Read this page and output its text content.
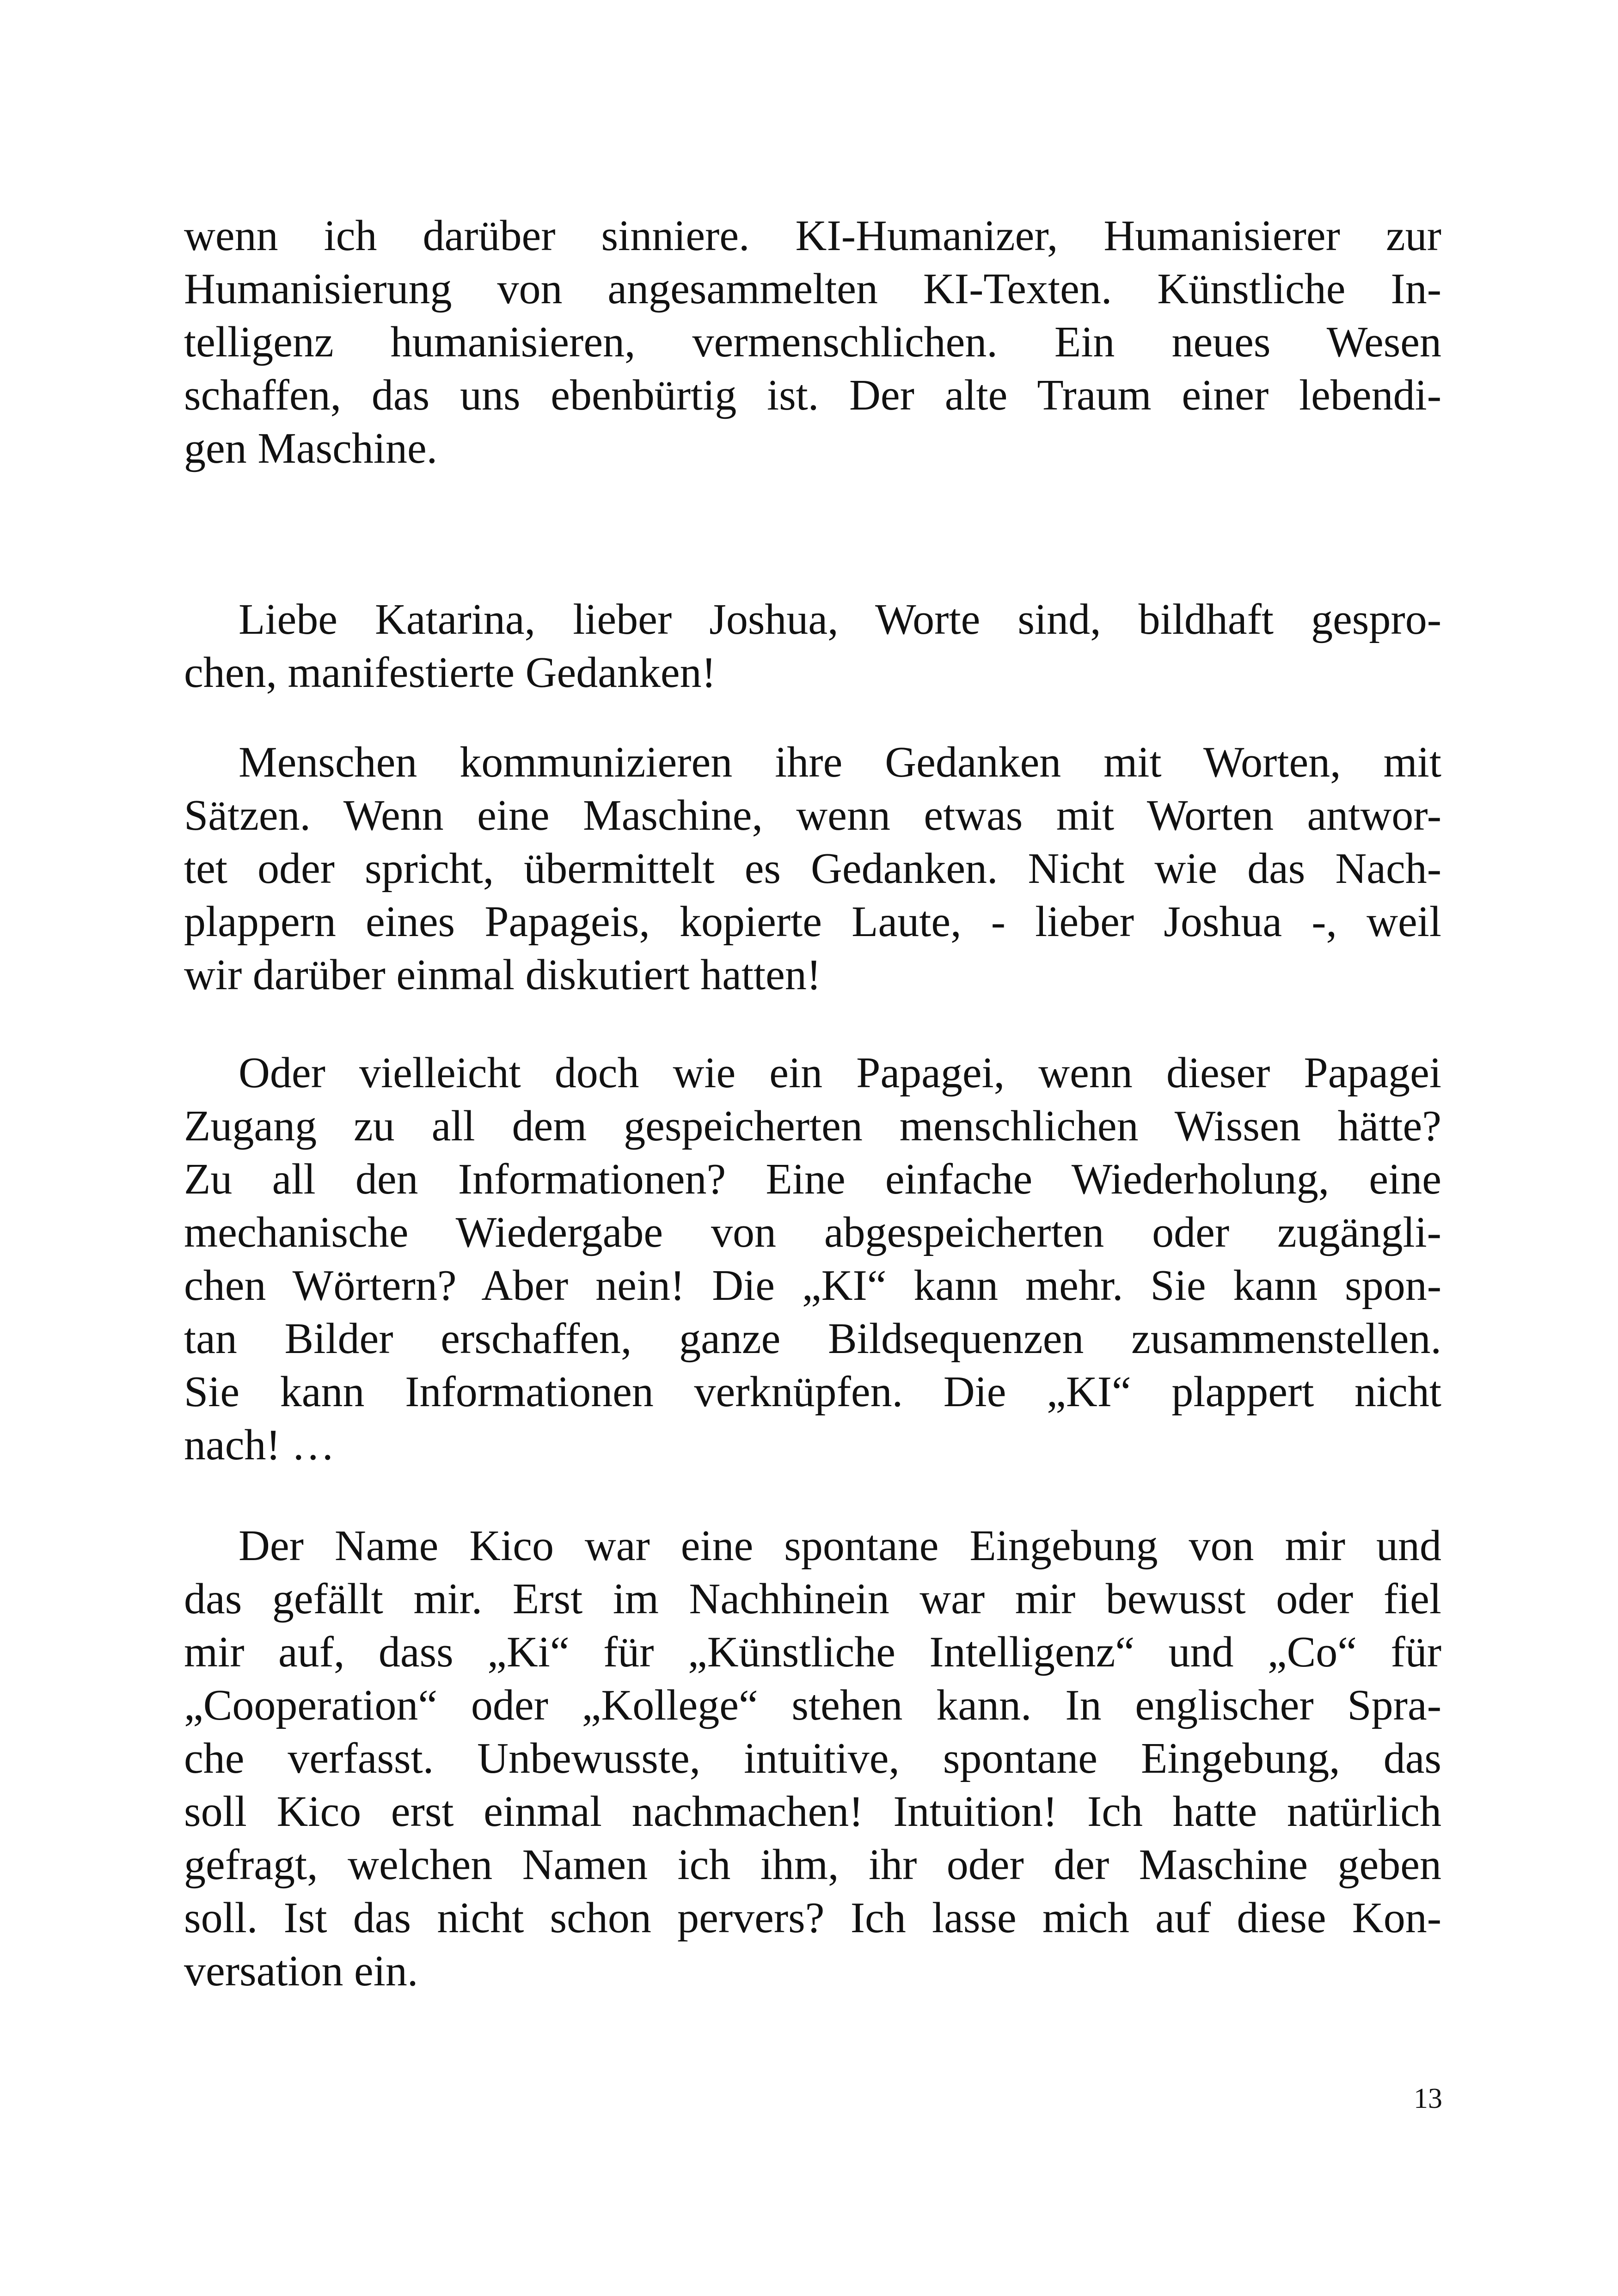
wenn ich darüber sinniere. KI-Humanizer, Humanisierer zur
Humanisierung von angesammelten KI-Texten. Künstliche In-
telligenz humanisieren, vermenschlichen. Ein neues Wesen
schaffen, das uns ebenbürtig ist. Der alte Traum einer lebendi-
gen Maschine.
Liebe Katarina, lieber Joshua, Worte sind, bildhaft gespro-
chen, manifestierte Gedanken!
Menschen kommunizieren ihre Gedanken mit Worten, mit
Sätzen. Wenn eine Maschine, wenn etwas mit Worten antwor-
tet oder spricht, übermittelt es Gedanken. Nicht wie das Nach-
plappern eines Papageis, kopierte Laute, - lieber Joshua -, weil
wir darüber einmal diskutiert hatten!
Oder vielleicht doch wie ein Papagei, wenn dieser Papagei
Zugang zu all dem gespeicherten menschlichen Wissen hätte?
Zu all den Informationen? Eine einfache Wiederholung, eine
mechanische Wiedergabe von abgespeicherten oder zugängli-
chen Wörtern? Aber nein! Die „KI“ kann mehr. Sie kann spon-
tan Bilder erschaffen, ganze Bildsequenzen zusammenstellen.
Sie kann Informationen verknüpfen. Die „KI“ plappert nicht
nach! …
Der Name Kico war eine spontane Eingebung von mir und
das gefällt mir. Erst im Nachhinein war mir bewusst oder fiel
mir auf, dass „Ki“ für „Künstliche Intelligenz“ und „Co“ für
„Cooperation“ oder „Kollege“ stehen kann. In englischer Spra-
che verfasst. Unbewusste, intuitive, spontane Eingebung, das
soll Kico erst einmal nachmachen! Intuition! Ich hatte natürlich
gefragt, welchen Namen ich ihm, ihr oder der Maschine geben
soll. Ist das nicht schon pervers? Ich lasse mich auf diese Kon-
versation ein.
13
